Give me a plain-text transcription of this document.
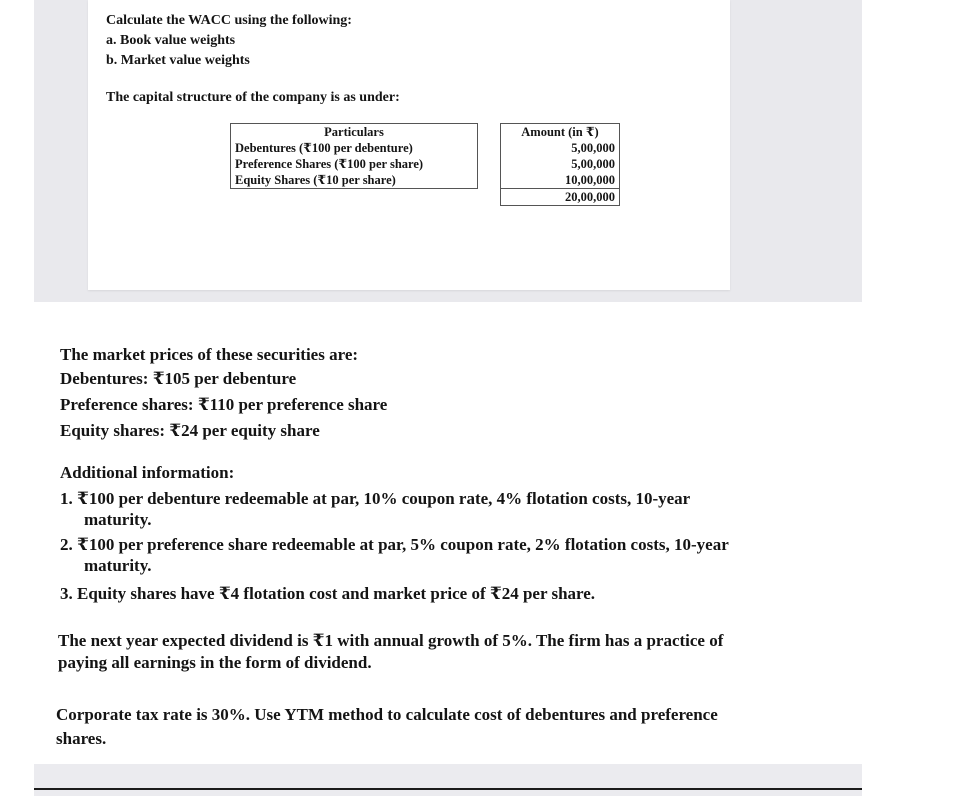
Calculate the WACC using the following:
a. Book value weights
b. Market value weights
The capital structure of the company is as under:
Particulars		Amount (in ₹)
Debentures (₹100 per debenture)		5,00,000
Preference Shares (₹100 per share)		5,00,000
Equity Shares (₹10 per share)		10,00,000
		20,00,000
The market prices of these securities are:
Debentures: ₹105 per debenture
Preference shares: ₹110 per preference share
Equity shares: ₹24 per equity share
Additional information:
1. ₹100 per debenture redeemable at par, 10% coupon rate, 4% flotation costs, 10-year
maturity.
2. ₹100 per preference share redeemable at par, 5% coupon rate, 2% flotation costs, 10-year
maturity.
3. Equity shares have ₹4 flotation cost and market price of ₹24 per share.
The next year expected dividend is ₹1 with annual growth of 5%. The firm has a practice of
paying all earnings in the form of dividend.
Corporate tax rate is 30%. Use YTM method to calculate cost of debentures and preference
shares.
